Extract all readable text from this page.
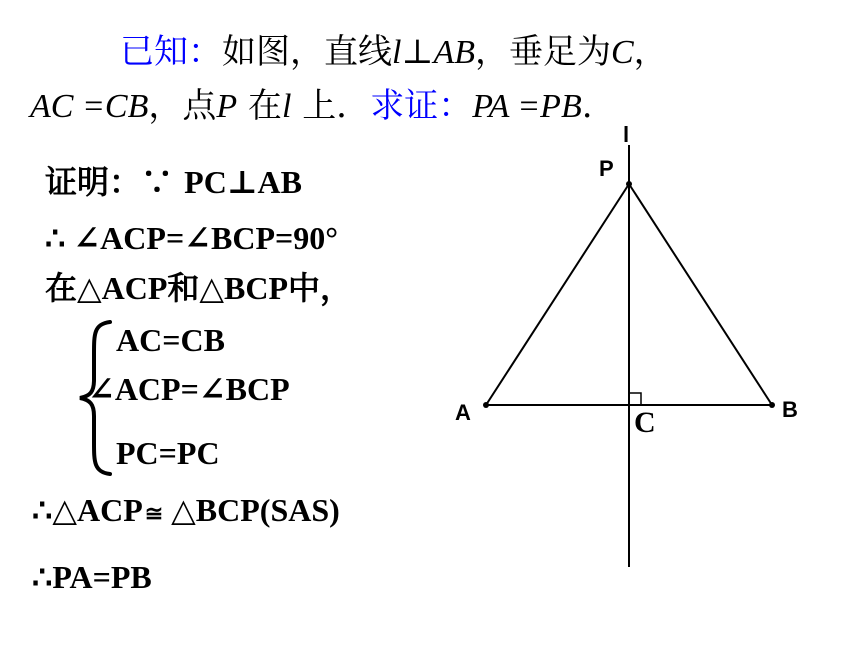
已知：如图，直线l⊥AB，垂足为C，
AC =CB，点P 在l 上．求证：PA =PB.
证明：∵ PC⊥AB
∴ ∠ACP=∠BCP=90°
在△ACP和△BCP中，
AC=CB
∠ACP=∠BCP
PC=PC
∴△ACP≅ △BCP(SAS)
∴PA=PB
l
P
A	B
C
